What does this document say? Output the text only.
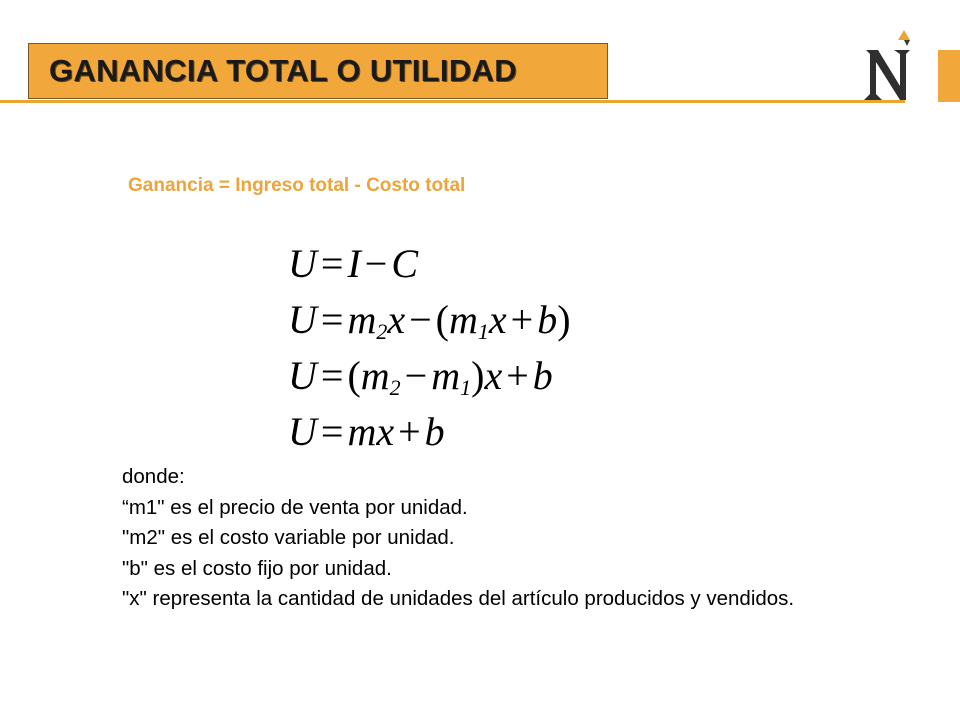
GANANCIA TOTAL O UTILIDAD
Ganancia = Ingreso total - Costo total
U = I − C
$U = m_2x - (m_1x + b)$
$U = (m_2 - m_1)x + b$
U = mx + b
donde:
“m1" es el precio de venta por unidad.
"m2" es el costo variable por unidad.
"b" es el costo fijo por unidad.
"x" representa la cantidad de unidades del artículo producidos y vendidos.
